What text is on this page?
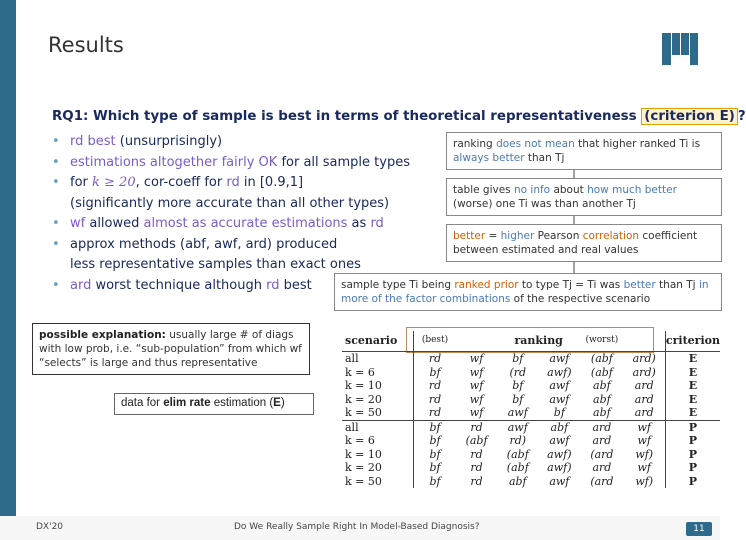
Results
RQ1: Which type of sample is best in terms of theoretical representativeness (criterion E) ?
• rd best (unsurprisingly)
• estimations altogether fairly OK for all sample types
• for k ≥ 20, cor-coeff for rd in [0.9,1]
(significantly more accurate than all other types)
• wf allowed almost as accurate estimations as rd
• approx methods (abf, awf, ard) produced
less representative samples than exact ones
• ard worst technique although rd best
ranking does not mean that higher ranked Ti is always better than Tj
table gives no info about how much better (worse) one Ti was than another Tj
better = higher Pearson correlation coefficient between estimated and real values
sample type Ti being ranked prior to type Tj = Ti was better than Tj in more of the factor combinations of the respective scenario
possible explanation: usually large # of diags with low prob, i.e. “sub-population” from which wf “selects” is large and thus representative
data for elim rate estimation (E)
scenario	(best)		ranking		(worst)		criterion
all	rd	wf	bf	awf	(abf	ard)	E
k = 6	bf	wf	(rd	awf)	(abf	ard)	E
k = 10	rd	wf	bf	awf	abf	ard	E
k = 20	rd	wf	bf	awf	abf	ard	E
k = 50	rd	wf	awf	bf	abf	ard	E
all	bf	rd	awf	abf	ard	wf	P
k = 6	bf	(abf	rd)	awf	ard	wf	P
k = 10	bf	rd	(abf	awf)	(ard	wf)	P
k = 20	bf	rd	(abf	awf)	ard	wf	P
k = 50	bf	rd	abf	awf	(ard	wf)	P
DX'20	Do We Really Sample Right In Model-Based Diagnosis?	11
